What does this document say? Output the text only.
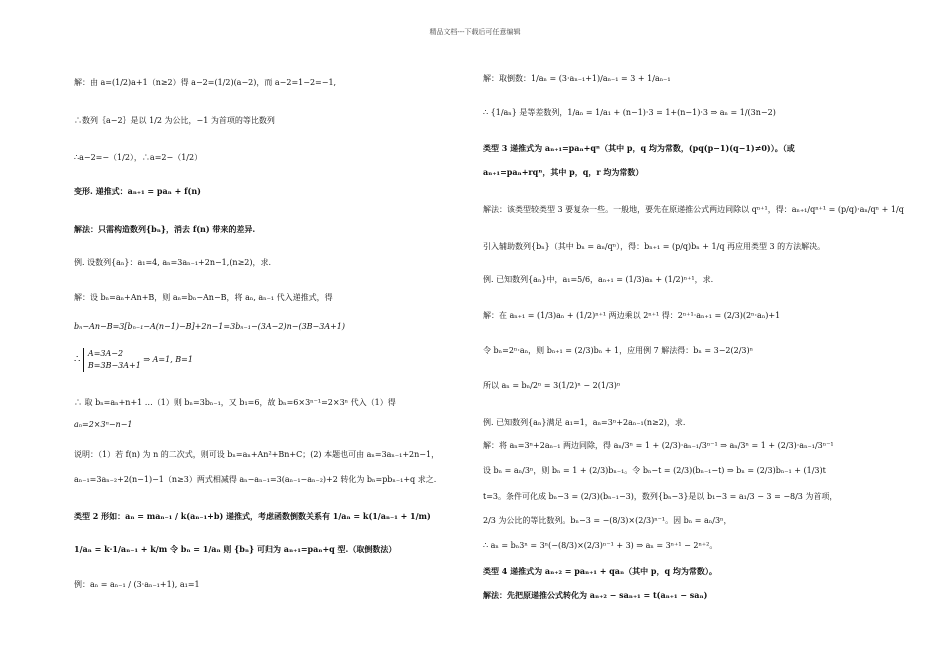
精品文档---下载后可任意编辑
解：由 a=(1/2)a+1（n≥2）得 a−2=(1/2)(a−2)，而 a−2=1−2=−1,
∴数列｛a−2｝是以 1/2 为公比，−1 为首项的等比数列
∴a−2=−（1/2），∴a=2−（1/2）
变形. 递推式：aₙ₊₁ = paₙ + f(n)
解法：只需构造数列{bₙ}，消去 f(n) 带来的差异.
例. 设数列{aₙ}：a₁=4, aₙ=3aₙ₋₁+2n−1,(n≥2)，求.
解：设 bₙ=aₙ+An+B，则 aₙ=bₙ−An−B，将 aₙ, aₙ₋₁ 代入递推式，得
bₙ−An−B=3[bₙ₋₁−A(n−1)−B]+2n−1=3bₙ₋₁−(3A−2)n−(3B−3A+1)
∴
A=3A−2
B=3B−3A+1
⇒ A=1, B=1
∴ 取 bₙ=aₙ+n+1 …（1）则 bₙ=3bₙ₋₁，又 b₁=6，故 bₙ=6×3ⁿ⁻¹=2×3ⁿ 代入（1）得
aₙ=2×3ⁿ−n−1
说明：（1）若 f(n) 为 n 的二次式，则可设 bₙ=aₙ+An²+Bn+C；(2) 本题也可由 aₙ=3aₙ₋₁+2n−1，
aₙ₋₁=3aₙ₋₂+2(n−1)−1（n≥3）两式相减得 aₙ−aₙ₋₁=3(aₙ₋₁−aₙ₋₂)+2 转化为 bₙ=pbₙ₋₁+q 求之.
类型 2 形如：aₙ = maₙ₋₁ / k(aₙ₋₁+b) 递推式，考虑函数倒数关系有 1/aₙ = k(1/aₙ₋₁ + 1/m)
1/aₙ = k·1/aₙ₋₁ + k/m 令 bₙ = 1/aₙ 则 {bₙ} 可归为 aₙ₊₁=paₙ+q 型.（取倒数法）
例：aₙ = aₙ₋₁ / (3·aₙ₋₁+1), a₁=1
解：取倒数：1/aₙ = (3·aₙ₋₁+1)/aₙ₋₁ = 3 + 1/aₙ₋₁
∴ {1/aₙ} 是等差数列，1/aₙ = 1/a₁ + (n−1)·3 = 1+(n−1)·3 ⇒ aₙ = 1/(3n−2)
类型 3 递推式为 aₙ₊₁=paₙ+qⁿ（其中 p，q 均为常数，(pq(p−1)(q−1)≠0)）。（或
aₙ₊₁=paₙ+rqⁿ，其中 p，q，r 均为常数）
解法：该类型较类型 3 要复杂一些。一般地，要先在原递推公式两边同除以 qⁿ⁺¹，得：aₙ₊₁/qⁿ⁺¹ = (p/q)·aₙ/qⁿ + 1/q
引入辅助数列{bₙ}（其中 bₙ = aₙ/qⁿ），得：bₙ₊₁ = (p/q)bₙ + 1/q 再应用类型 3 的方法解决。
例. 已知数列{aₙ}中，a₁=5/6，aₙ₊₁ = (1/3)aₙ + (1/2)ⁿ⁺¹，求.
解：在 aₙ₊₁ = (1/3)aₙ + (1/2)ⁿ⁺¹ 两边乘以 2ⁿ⁺¹ 得：2ⁿ⁺¹·aₙ₊₁ = (2/3)(2ⁿ·aₙ)+1
令 bₙ=2ⁿ·aₙ，则 bₙ₊₁ = (2/3)bₙ + 1，应用例 7 解法得：bₙ = 3−2(2/3)ⁿ
所以 aₙ = bₙ/2ⁿ = 3(1/2)ⁿ − 2(1/3)ⁿ
例. 已知数列{aₙ}满足 a₁=1，aₙ=3ⁿ+2aₙ₋₁(n≥2)，求.
解：将 aₙ=3ⁿ+2aₙ₋₁ 两边同除，得 aₙ/3ⁿ = 1 + (2/3)·aₙ₋₁/3ⁿ⁻¹ ⇒ aₙ/3ⁿ = 1 + (2/3)·aₙ₋₁/3ⁿ⁻¹
设 bₙ = aₙ/3ⁿ，则 bₙ = 1 + (2/3)bₙ₋₁。令 bₙ−t = (2/3)(bₙ₋₁−t) ⇒ bₙ = (2/3)bₙ₋₁ + (1/3)t
t=3。条件可化成 bₙ−3 = (2/3)(bₙ₋₁−3)，数列{bₙ−3}是以 b₁−3 = a₁/3 − 3 = −8/3 为首项，
2/3 为公比的等比数列。bₙ−3 = −(8/3)×(2/3)ⁿ⁻¹。因 bₙ = aₙ/3ⁿ，
∴ aₙ = bₙ3ⁿ = 3ⁿ(−(8/3)×(2/3)ⁿ⁻¹ + 3) ⇒ aₙ = 3ⁿ⁺¹ − 2ⁿ⁺²。
类型 4 递推式为 aₙ₊₂ = paₙ₊₁ + qaₙ（其中 p，q 均为常数）。
解法：先把原递推公式转化为 aₙ₊₂ − saₙ₊₁ = t(aₙ₊₁ − saₙ)
